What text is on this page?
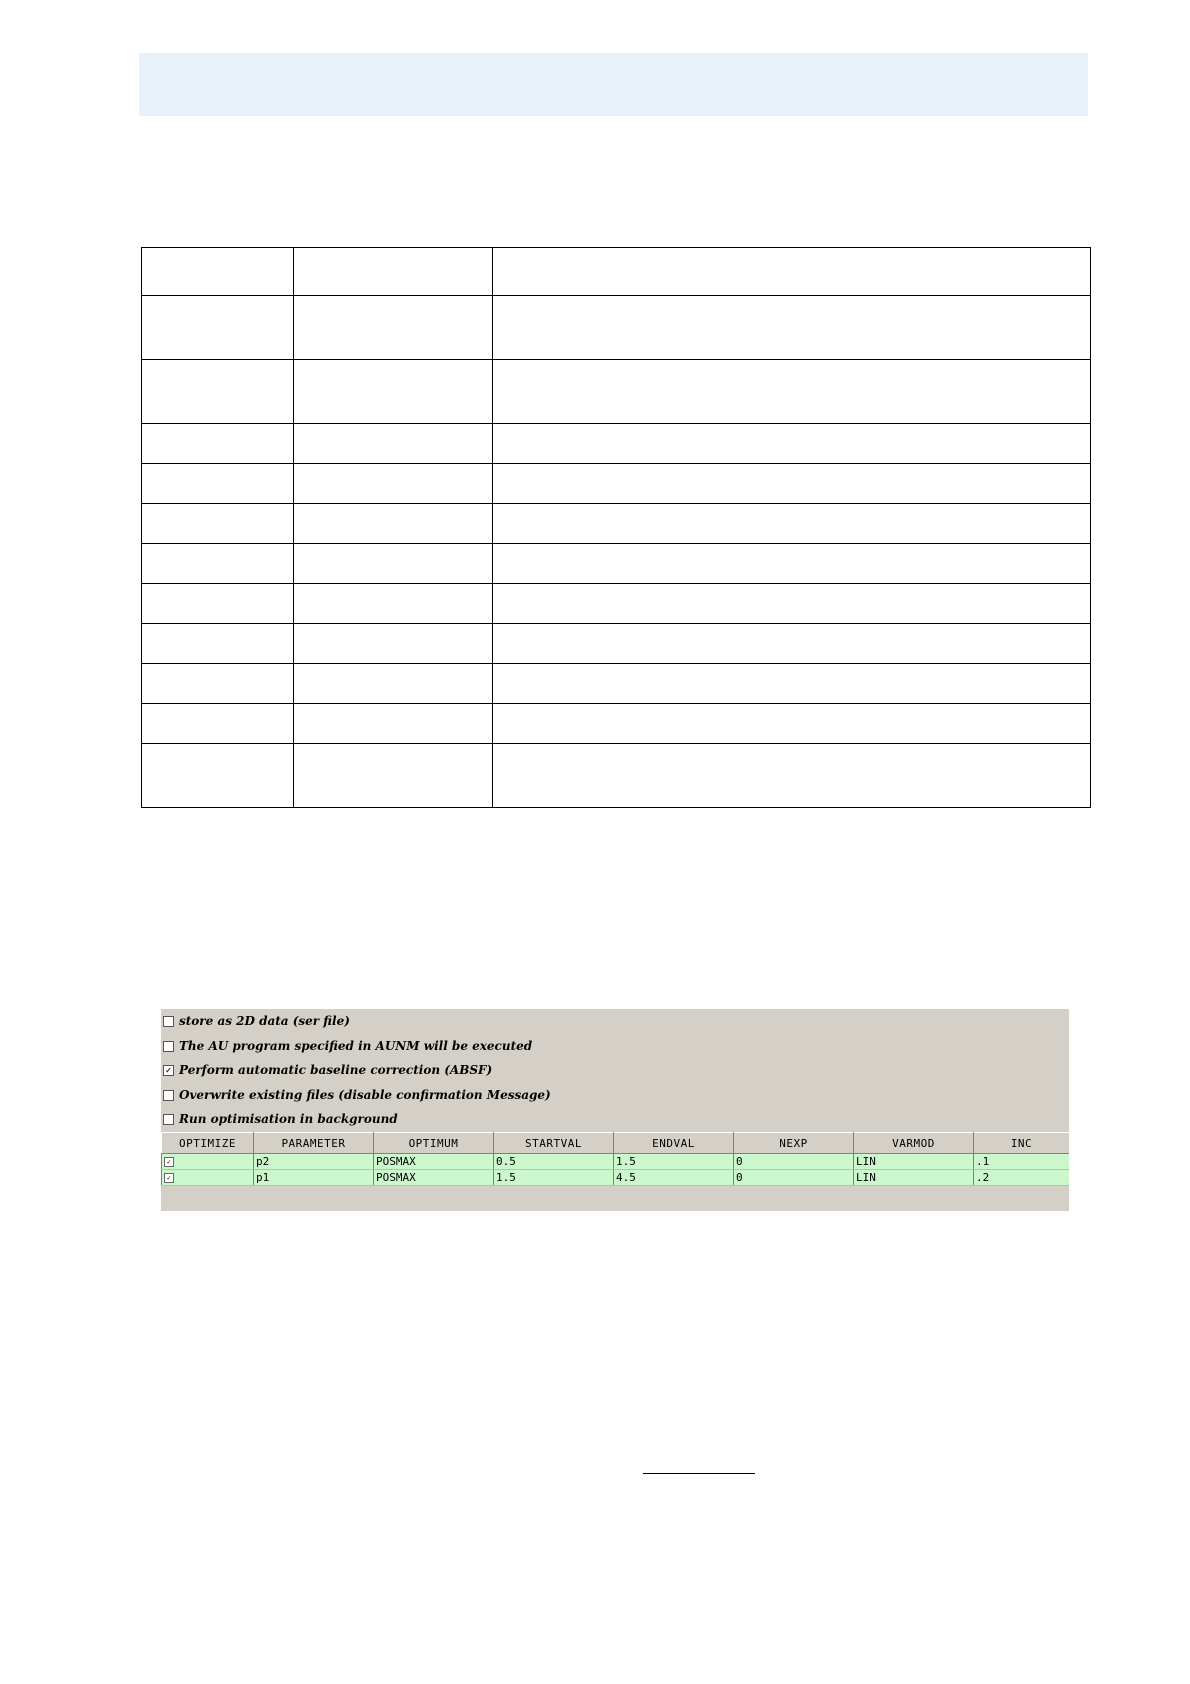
store as 2D data (ser file)
The AU program specified in AUNM will be executed
✓ Perform automatic baseline correction (ABSF)
Overwrite existing files (disable confirmation Message)
Run optimisation in background
OPTIMIZE	PARAMETER	OPTIMUM	STARTVAL	ENDVAL	NEXP	VARMOD	INC
✓	p2	POSMAX	0.5	1.5	0	LIN	.1
✓	p1	POSMAX	1.5	4.5	0	LIN	.2
